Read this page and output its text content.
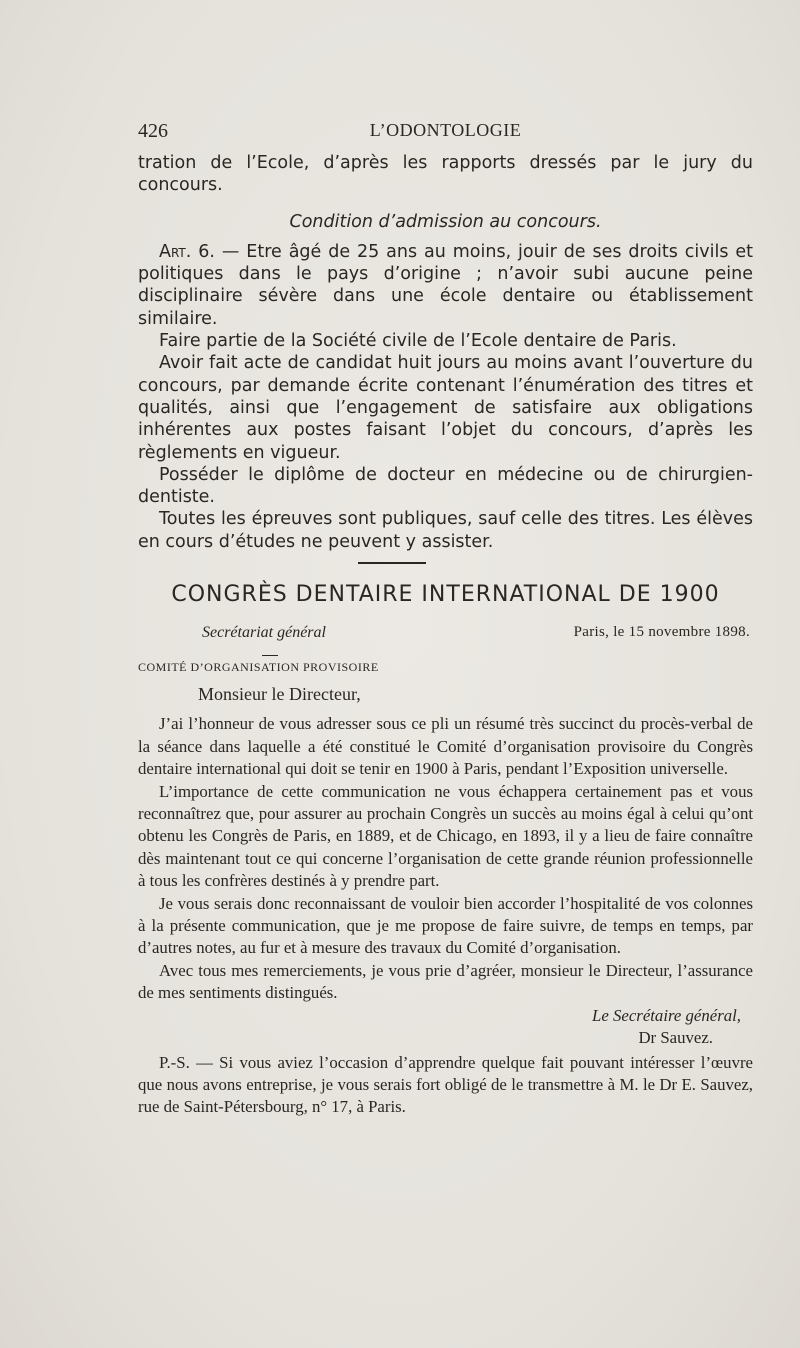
426	L’ODONTOLOGIE

tration de l’Ecole, d’après les rapports dressés par le jury du concours.

Condition d’admission au concours.

Art. 6. — Etre âgé de 25 ans au moins, jouir de ses droits civils et politiques dans le pays d’origine ; n’avoir subi aucune peine disciplinaire sévère dans une école dentaire ou établissement similaire.

Faire partie de la Société civile de l’Ecole dentaire de Paris.

Avoir fait acte de candidat huit jours au moins avant l’ouverture du concours, par demande écrite contenant l’énumération des titres et qualités, ainsi que l’engagement de satisfaire aux obligations inhérentes aux postes faisant l’objet du concours, d’après les règlements en vigueur.

Posséder le diplôme de docteur en médecine ou de chirurgien-dentiste.

Toutes les épreuves sont publiques, sauf celle des titres. Les élèves en cours d’études ne peuvent y assister.

CONGRÈS DENTAIRE INTERNATIONAL DE 1900
Secrétariat général	Paris, le 15 novembre 1898.
COMITÉ D’ORGANISATION PROVISOIRE

Monsieur le Directeur,

J’ai l’honneur de vous adresser sous ce pli un résumé très succinct du procès-verbal de la séance dans laquelle a été constitué le Comité d’organisation provisoire du Congrès dentaire international qui doit se tenir en 1900 à Paris, pendant l’Exposition universelle.

L’importance de cette communication ne vous échappera certainement pas et vous reconnaîtrez que, pour assurer au prochain Congrès un succès au moins égal à celui qu’ont obtenu les Congrès de Paris, en 1889, et de Chicago, en 1893, il y a lieu de faire connaître dès maintenant tout ce qui concerne l’organisation de cette grande réunion professionnelle à tous les confrères destinés à y prendre part.

Je vous serais donc reconnaissant de vouloir bien accorder l’hospitalité de vos colonnes à la présente communication, que je me propose de faire suivre, de temps en temps, par d’autres notes, au fur et à mesure des travaux du Comité d’organisation.

Avec tous mes remerciements, je vous prie d’agréer, monsieur le Directeur, l’assurance de mes sentiments distingués.

Le Secrétaire général,

Dr Sauvez.

P.-S. — Si vous aviez l’occasion d’apprendre quelque fait pouvant intéresser l’œuvre que nous avons entreprise, je vous serais fort obligé de le transmettre à M. le Dr E. Sauvez, rue de Saint-Pétersbourg, n° 17, à Paris.
